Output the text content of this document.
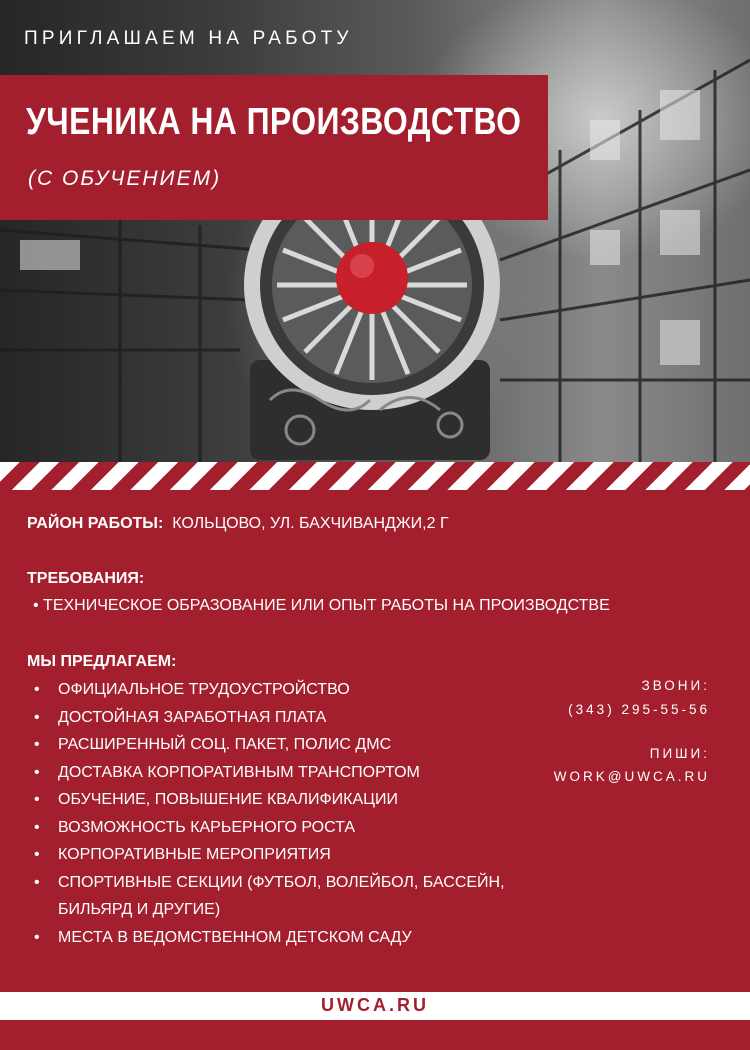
ПРИГЛАШАЕМ НА РАБОТУ
УЧЕНИКА НА ПРОИЗВОДСТВО
(С ОБУЧЕНИЕМ)
РАЙОН РАБОТЫ: КОЛЬЦОВО, УЛ. БАХЧИВАНДЖИ,2 Г
ТРЕБОВАНИЯ:
• ТЕХНИЧЕСКОЕ ОБРАЗОВАНИЕ ИЛИ ОПЫТ РАБОТЫ НА ПРОИЗВОДСТВЕ
МЫ ПРЕДЛАГАЕМ:
• ОФИЦИАЛЬНОЕ ТРУДОУСТРОЙСТВО
• ДОСТОЙНАЯ ЗАРАБОТНАЯ ПЛАТА
• РАСШИРЕННЫЙ СОЦ. ПАКЕТ, ПОЛИС ДМС
• ДОСТАВКА КОРПОРАТИВНЫМ ТРАНСПОРТОМ
• ОБУЧЕНИЕ, ПОВЫШЕНИЕ КВАЛИФИКАЦИИ
• ВОЗМОЖНОСТЬ КАРЬЕРНОГО РОСТА
• КОРПОРАТИВНЫЕ МЕРОПРИЯТИЯ
• СПОРТИВНЫЕ СЕКЦИИ (ФУТБОЛ, ВОЛЕЙБОЛ, БАССЕЙН, БИЛЬЯРД И ДРУГИЕ)
• МЕСТА В ВЕДОМСТВЕННОМ ДЕТСКОМ САДУ
ЗВОНИ:
(343) 295-55-56
ПИШИ:
WORK@UWCA.RU
UWCA.RU
